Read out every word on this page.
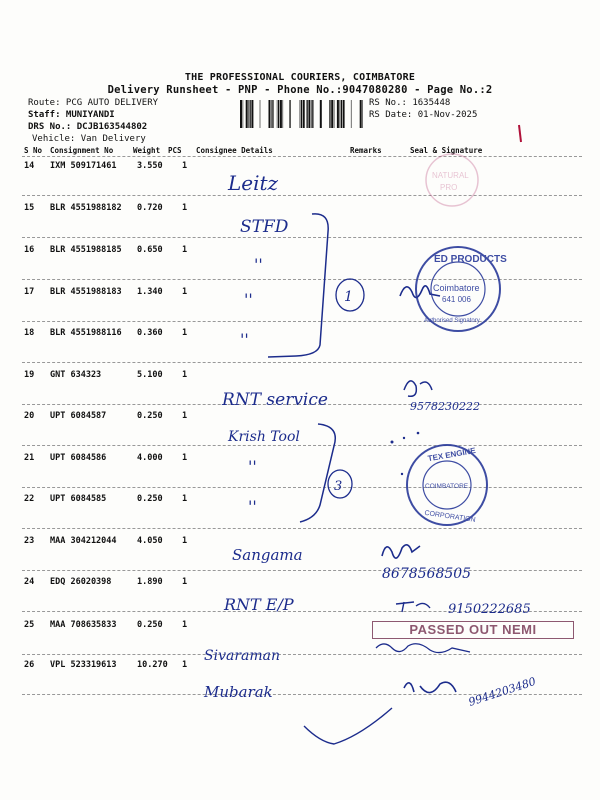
THE PROFESSIONAL COURIERS, COIMBATORE
Delivery Runsheet - PNP - Phone No.:9047080280 - Page No.:2
Route: PCG AUTO DELIVERY
Staff: MUNIYANDI
DRS No.: DCJB163544802
Vehicle: Van Delivery
RS No.: 1635448
RS Date: 01-Nov-2025
S No Consignment No	Weight PCS Consignee Details	Remarks	Seal & Signature
14 IXM 509171461 3.550 1
15 BLR 4551988182 0.720 1
16 BLR 4551988185 0.650 1
17 BLR 4551988183 1.340 1
18 BLR 4551988116 0.360 1
19 GNT 634323	5.100 1
20 UPT 6084587	0.250 1
21 UPT 6084586	4.000 1
22 UPT 6084585	0.250 1
23 MAA 304212044 4.050 1
24 EDQ 26020398	1.890 1
25 MAA 708635833 0.250 1
26 VPL 523319613 10.270 1
PASSED OUT NEMI
NATURAL
PRO
Leitz
STFD
''
''
''
1
RNT service
Krish Tool
''
''
3
Sangama
RNT E/P
Sivaraman
Mubarak
9578230222
8678568505
9150222685
9944203480
ED PRODUCTS
Coimbatore
641 006
Authorised Signatory
TEX ENGINE
COIMBATORE
CORPORATION
